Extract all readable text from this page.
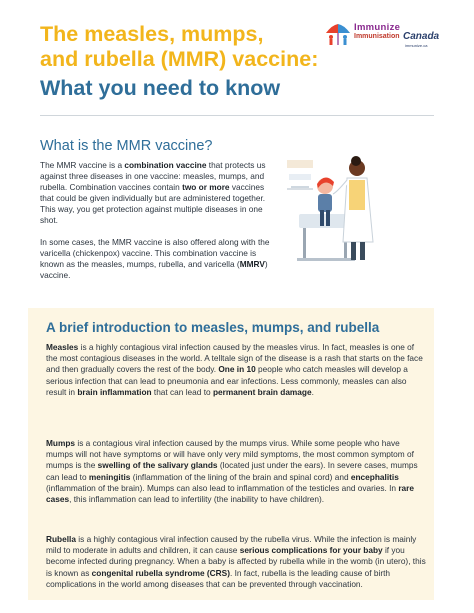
The measles, mumps,
and rubella (MMR) vaccine:
What you need to know
Immunize
Immunisation Canada
immunize.ca
What is the MMR vaccine?

The MMR vaccine is a combination vaccine that protects us against three diseases in one vaccine: measles, mumps, and rubella. Combination vaccines contain two or more vaccines that could be given individually but are administered together. This way, you get protection against multiple diseases in one shot.

In some cases, the MMR vaccine is also offered along with the varicella (chickenpox) vaccine. This combination vaccine is known as the measles, mumps, rubella, and varicella (MMRV) vaccine.

A brief introduction to measles, mumps, and rubella

Measles is a highly contagious viral infection caused by the measles virus. In fact, measles is one of the most contagious diseases in the world. A telltale sign of the disease is a rash that starts on the face and then gradually covers the rest of the body. One in 10 people who catch measles will develop a serious infection that can lead to pneumonia and ear infections. Less commonly, measles can also result in brain inflammation that can lead to permanent brain damage.

Mumps is a contagious viral infection caused by the mumps virus. While some people who have mumps will not have symptoms or will have only very mild symptoms, the most common symptom of mumps is the swelling of the salivary glands (located just under the ears). In severe cases, mumps can lead to meningitis (inflammation of the lining of the brain and spinal cord) and encephalitis (inflammation of the brain). Mumps can also lead to inflammation of the testicles and ovaries. In rare cases, this inflammation can lead to infertility (the inability to have children).

Rubella is a highly contagious viral infection caused by the rubella virus. While the infection is mainly mild to moderate in adults and children, it can cause serious complications for your baby if you become infected during pregnancy. When a baby is affected by rubella while in the womb (in utero), this is known as congenital rubella syndrome (CRS). In fact, rubella is the leading cause of birth complications in the world among diseases that can be prevented through vaccination.
